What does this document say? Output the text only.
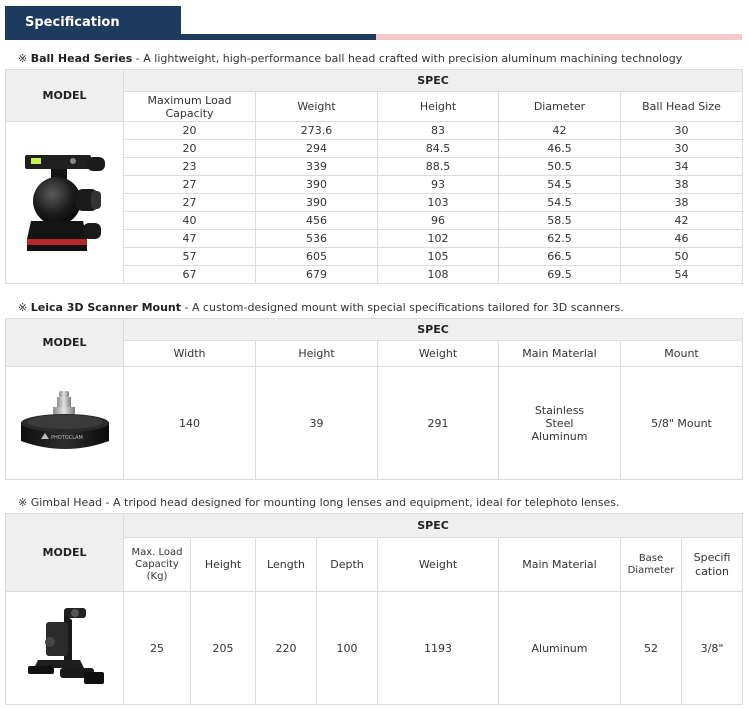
Specification
※ Ball Head Series - A lightweight, high-performance ball head crafted with precision aluminum machining technology
MODEL	SPEC				

	Maximum Load Capacity	Weight	Height	Diameter	Ball Head Size

	20	273.6	83	42	30
	20	294	84.5	46.5	30
	23	339	88.5	50.5	34
	27	390	93	54.5	38
	27	390	103	54.5	38
	40	456	96	58.5	42
	47	536	102	62.5	46
	57	605	105	66.5	50
	67	679	108	69.5	54
※ Leica 3D Scanner Mount - A custom-designed mount with special specifications tailored for 3D scanners.
MODEL	SPEC				
	Width	Height	Weight	Main Material	Mount

PHOTOCLAM	140	39	291	Stainless Steel Aluminum	5/8" Mount
※ Gimbal Head - A tripod head designed for mounting long lenses and equipment, ideal for telephoto lenses.
MODEL	SPEC							

	Max. Load Capacity (Kg)	Height	Length	Depth	Weight	Main Material	Base Diameter	Specification

	25	205	220	100	1193	Aluminum	52	3/8"
